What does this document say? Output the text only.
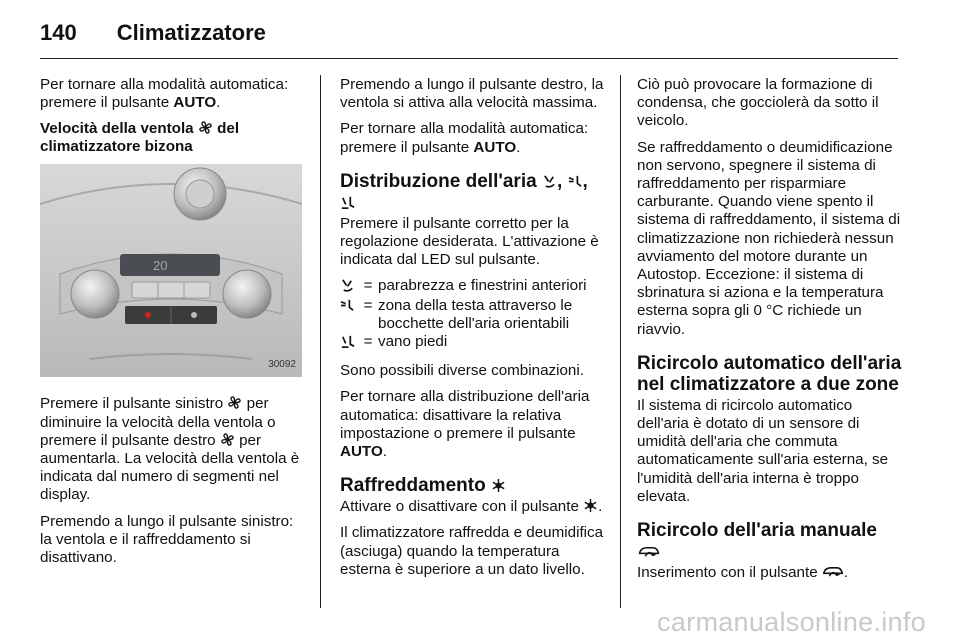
140 Climatizzatore

Per tornare alla modalità automatica: premere il pulsante AUTO.

Velocità della ventola del climatizzatore bizona

20
30092

Premere il pulsante sinistro per diminuire la velocità della ventola o premere il pulsante destro per aumentarla. La velocità della ventola è indicata dal numero di segmenti nel display.

Premendo a lungo il pulsante sinistro: la ventola e il raffreddamento si disattivano.

Premendo a lungo il pulsante destro, la ventola si attiva alla velocità massima.

Per tornare alla modalità automatica: premere il pulsante AUTO.

Distribuzione dell'aria , ,

Premere il pulsante corretto per la regolazione desiderata. L'attivazione è indicata dal LED sul pulsante.

= parabrezza e finestrini anteriori
= zona della testa attraverso le bocchette dell'aria orientabili
= vano piedi

Sono possibili diverse combinazioni.

Per tornare alla distribuzione dell'aria automatica: disattivare la relativa impostazione o premere il pulsante AUTO.

Raffreddamento

Attivare o disattivare con il pulsante .

Il climatizzatore raffredda e deumidifica (asciuga) quando la temperatura esterna è superiore a un dato livello.

Ciò può provocare la formazione di condensa, che gocciolerà da sotto il veicolo.

Se raffreddamento o deumidificazione non servono, spegnere il sistema di raffreddamento per risparmiare carburante. Quando viene spento il sistema di raffreddamento, il sistema di climatizzazione non richiederà nessun avviamento del motore durante un Autostop. Eccezione: il sistema di sbrinatura si aziona e la temperatura esterna sopra gli 0 °C richiede un riavvio.

Ricircolo automatico dell'aria nel climatizzatore a due zone

Il sistema di ricircolo automatico dell'aria è dotato di un sensore di umidità dell'aria che commuta automaticamente sull'aria esterna, se l'umidità dell'aria interna è troppo elevata.

Ricircolo dell'aria manuale

Inserimento con il pulsante .

carmanualsonline.info
